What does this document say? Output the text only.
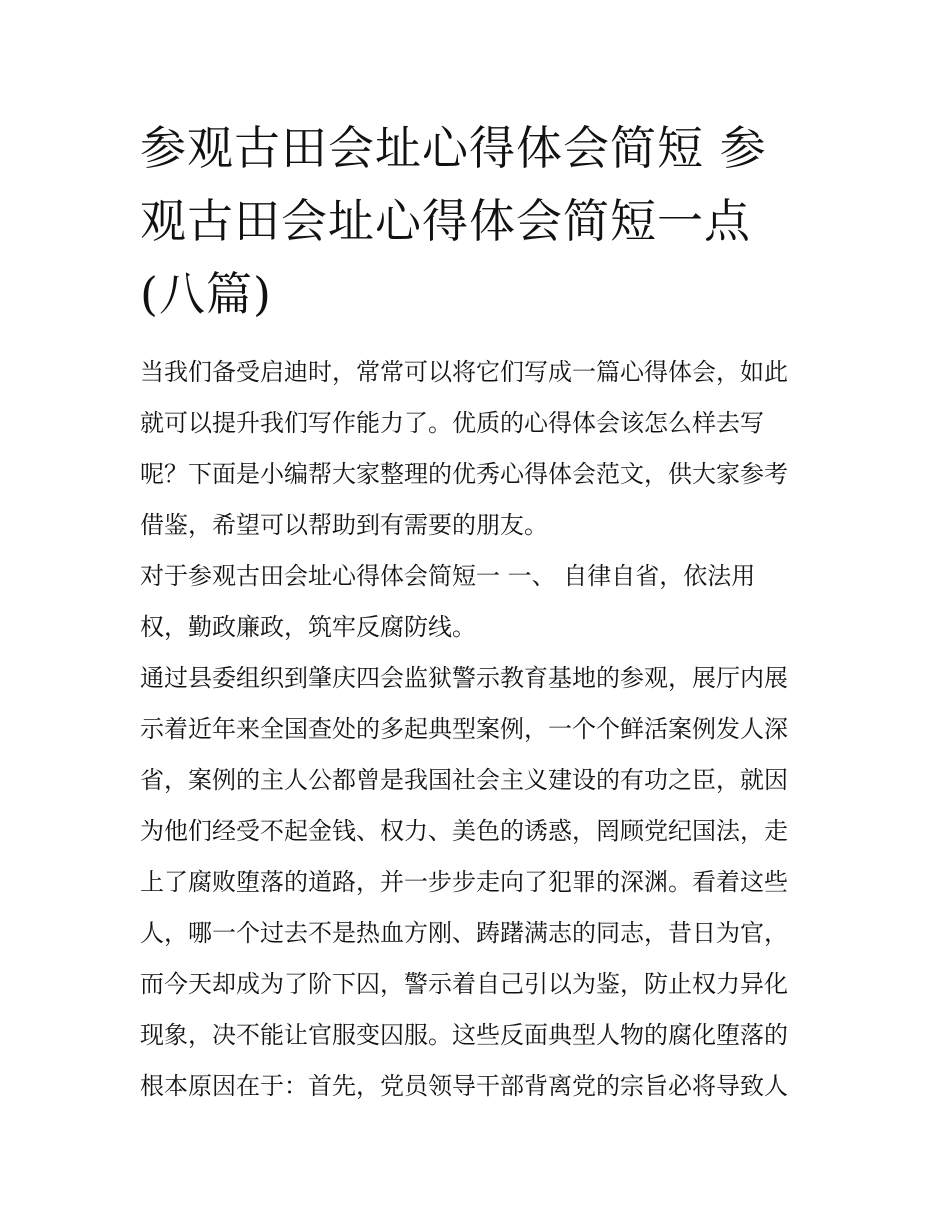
参观古田会址心得体会简短 参
观古田会址心得体会简短一点
(八篇)

当我们备受启迪时，常常可以将它们写成一篇心得体会，如此
就可以提升我们写作能力了。优质的心得体会该怎么样去写
呢？下面是小编帮大家整理的优秀心得体会范文，供大家参考
借鉴，希望可以帮助到有需要的朋友。

对于参观古田会址心得体会简短一 一、 自律自省，依法用
权，勤政廉政，筑牢反腐防线。

通过县委组织到肇庆四会监狱警示教育基地的参观，展厅内展
示着近年来全国查处的多起典型案例，一个个鲜活案例发人深
省，案例的主人公都曾是我国社会主义建设的有功之臣，就因
为他们经受不起金钱、权力、美色的诱惑，罔顾党纪国法，走
上了腐败堕落的道路，并一步步走向了犯罪的深渊。看着这些
人，哪一个过去不是热血方刚、踌躇满志的同志，昔日为官，
而今天却成为了阶下囚，警示着自己引以为鉴，防止权力异化
现象，决不能让官服变囚服。这些反面典型人物的腐化堕落的
根本原因在于：首先，党员领导干部背离党的宗旨必将导致人
